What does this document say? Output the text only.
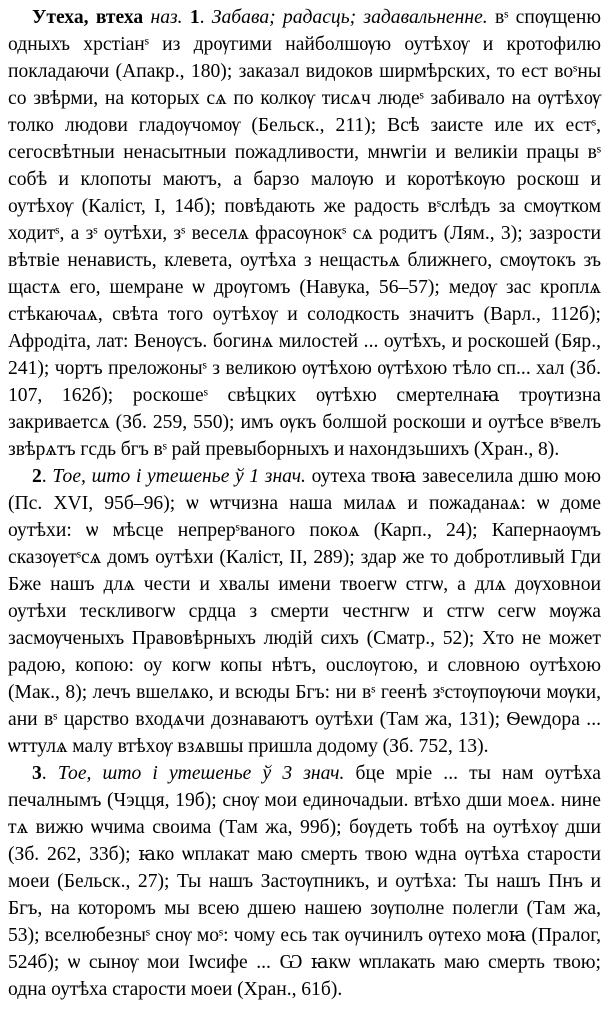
Утеха, втеха наз. 1. Забава; радасць; задавальненне. вˢ спѹщеню одныхъ хрстіанˢ из дрѹгими найболшѹю оутѣхѹ и кротофилю покладаючи (Апакр., 180); заказал видоков ширмѣрских, то ест воˢны со звѣрми, на которых сѧ по колкѹ тисѧч людеˢ забивало на ѹтѣхѹ толко людови гладѹчомѹ (Бельск., 211); Всѣ заисте иле их естˢ, сегосвѣтныи ненасытныи пожадливости, мнѡгіи и великіи працы вˢ собѣ и клопоты маютъ, а барзо малѹю и коротѣкѹю роскош и оутѣхѹ (Каліст, І, 14б); повѣдають же радость вˢслѣдъ за смѹтком ходитˢ, а зˢ оутѣхи, зˢ веселѧ фрасѹнокˢ сѧ родитъ (Лям., 3); зазрости вѣтвіе ненависть, клевета, оутѣха з нещастьѧ ближнего, смѹтокъ зъ щастѧ его, шемране ѡ дрѹгомъ (Навука, 56–57); медѹ зас кроплѧ стѣкаючаѧ, свѣта того оутѣхѹ и солодкость значитъ (Варл., 112б); Афродіта, лат: Венѹсъ. богинѧ милостей ... оутѣхъ, и роскошей (Бяр., 241); чортъ преложоныˢ з великою ѹтѣхою ѹтѣхою тѣло сп... хал (Зб. 107, 162б); роскошеˢ свѣцких ѹтѣхю смертелнаꙗ трѹтизна закриваетсѧ (Зб. 259, 550); имъ ѹкъ болшой роскоши и оутѣсе вˢвелъ звѣрѧтъ гсдь бгъ вˢ рай превыборныхъ и нахондзьшихъ (Хран., 8).

2. Тое, што і утешенье ў 1 знач. оутеха твоꙗ завеселила дшю мою (Пс. XVI, 95б–96); ѡ ѡтчизна наша милаѧ и пожаданаѧ: ѡ доме оутѣхи: ѡ мѣсце непрерˢваного покоѧ (Карп., 24); Капернаѹмъ сказѹетˢсѧ домъ оутѣхи (Каліст, II, 289); здар же то добротливый Гди Бже нашъ длѧ чести и хвалы имени твоегѡ стгѡ, а длѧ дѹховнои оутѣхи тескливогѡ срдца з смерти честнгѡ и стгѡ сегѡ мѹжа засмѹченыхъ Правовѣрныхъ людій сихъ (Сматр., 52); Хто не может радою, копою: оу когѡ копы нѣтъ, ouслѹгою, и словною оутѣхою (Мак., 8); лечъ вшелѧко, и всюды Бгъ: ни вˢ геенѣ зˢстѹпѹючи мѹки, ани вˢ царство входѧчи дознаваютъ оутѣхи (Там жа, 131); Ѳеѡдора ... ѡттулѧ малу втѣхѹ взѧвшы пришла додому (Зб. 752, 13).

3. Тое, што і утешенье ў 3 знач. бце мріе ... ты нам оутѣха печалнымъ (Чэцця, 19б); снѹ мои единочадыи. втѣхо дши моеѧ. нине тѧ вижю ѡчима своима (Там жа, 99б); бѹдеть тобѣ на оутѣхѹ дши (Зб. 262, 33б); ꙗко ѡплакат маю смерть твою ѡдна ѹтѣха старости моеи (Бельск., 27); Ты нашъ Застѹпникъ, и оутѣха: Ты нашъ Пнъ и Бгъ, на которомъ мы всею дшею нашею зѹполне полегли (Там жа, 53); вселюбезныˢ снѹ моˢ: чому есь так ѹчинилъ ѹтехо моꙗ (Пралог, 524б); ѡ сынѹ мои Іѡсифе ... Ѡ ꙗкѡ ѡплакать маю смерть твою; одна оутѣха старости моеи (Хран., 61б).
